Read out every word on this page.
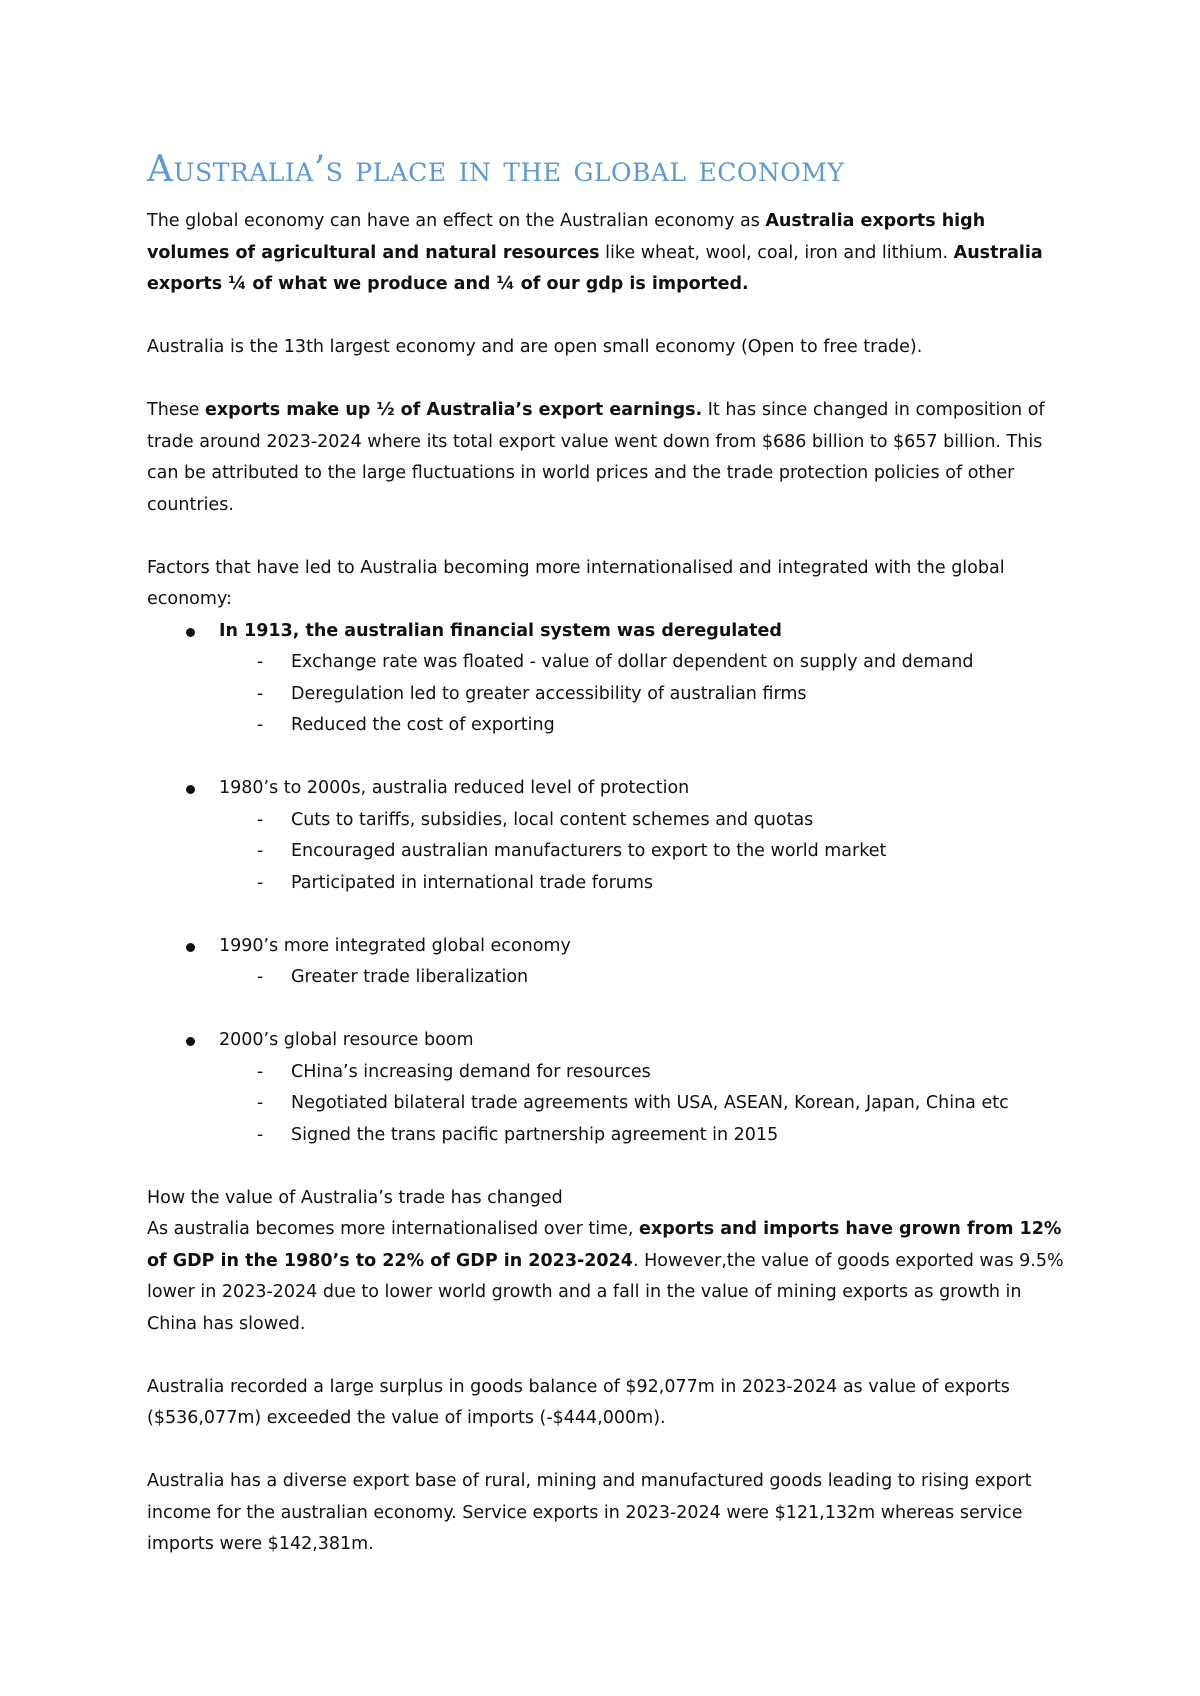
Australia’s place in the global economy

The global economy can have an effect on the Australian economy as Australia exports high volumes of agricultural and natural resources like wheat, wool, coal, iron and lithium. Australia exports ¼ of what we produce and ¼ of our gdp is imported.

Australia is the 13th largest economy and are open small economy (Open to free trade).

These exports make up ½ of Australia’s export earnings. It has since changed in composition of trade around 2023-2024 where its total export value went down from $686 billion to $657 billion. This can be attributed to the large fluctuations in world prices and the trade protection policies of other countries.

Factors that have led to Australia becoming more internationalised and integrated with the global economy:

In 1913, the australian financial system was deregulated
- Exchange rate was floated - value of dollar dependent on supply and demand
- Deregulation led to greater accessibility of australian firms
- Reduced the cost of exporting
1980’s to 2000s, australia reduced level of protection
- Cuts to tariffs, subsidies, local content schemes and quotas
- Encouraged australian manufacturers to export to the world market
- Participated in international trade forums
1990’s more integrated global economy
- Greater trade liberalization
2000’s global resource boom
- CHina’s increasing demand for resources
- Negotiated bilateral trade agreements with USA, ASEAN, Korean, Japan, China etc
- Signed the trans pacific partnership agreement in 2015

How the value of Australia’s trade has changed

As australia becomes more internationalised over time, exports and imports have grown from 12% of GDP in the 1980’s to 22% of GDP in 2023-2024. However,the value of goods exported was 9.5% lower in 2023-2024 due to lower world growth and a fall in the value of mining exports as growth in China has slowed.

Australia recorded a large surplus in goods balance of $92,077m in 2023-2024 as value of exports ($536,077m) exceeded the value of imports (-$444,000m).

Australia has a diverse export base of rural, mining and manufactured goods leading to rising export income for the australian economy. Service exports in 2023-2024 were $121,132m whereas service imports were $142,381m.
